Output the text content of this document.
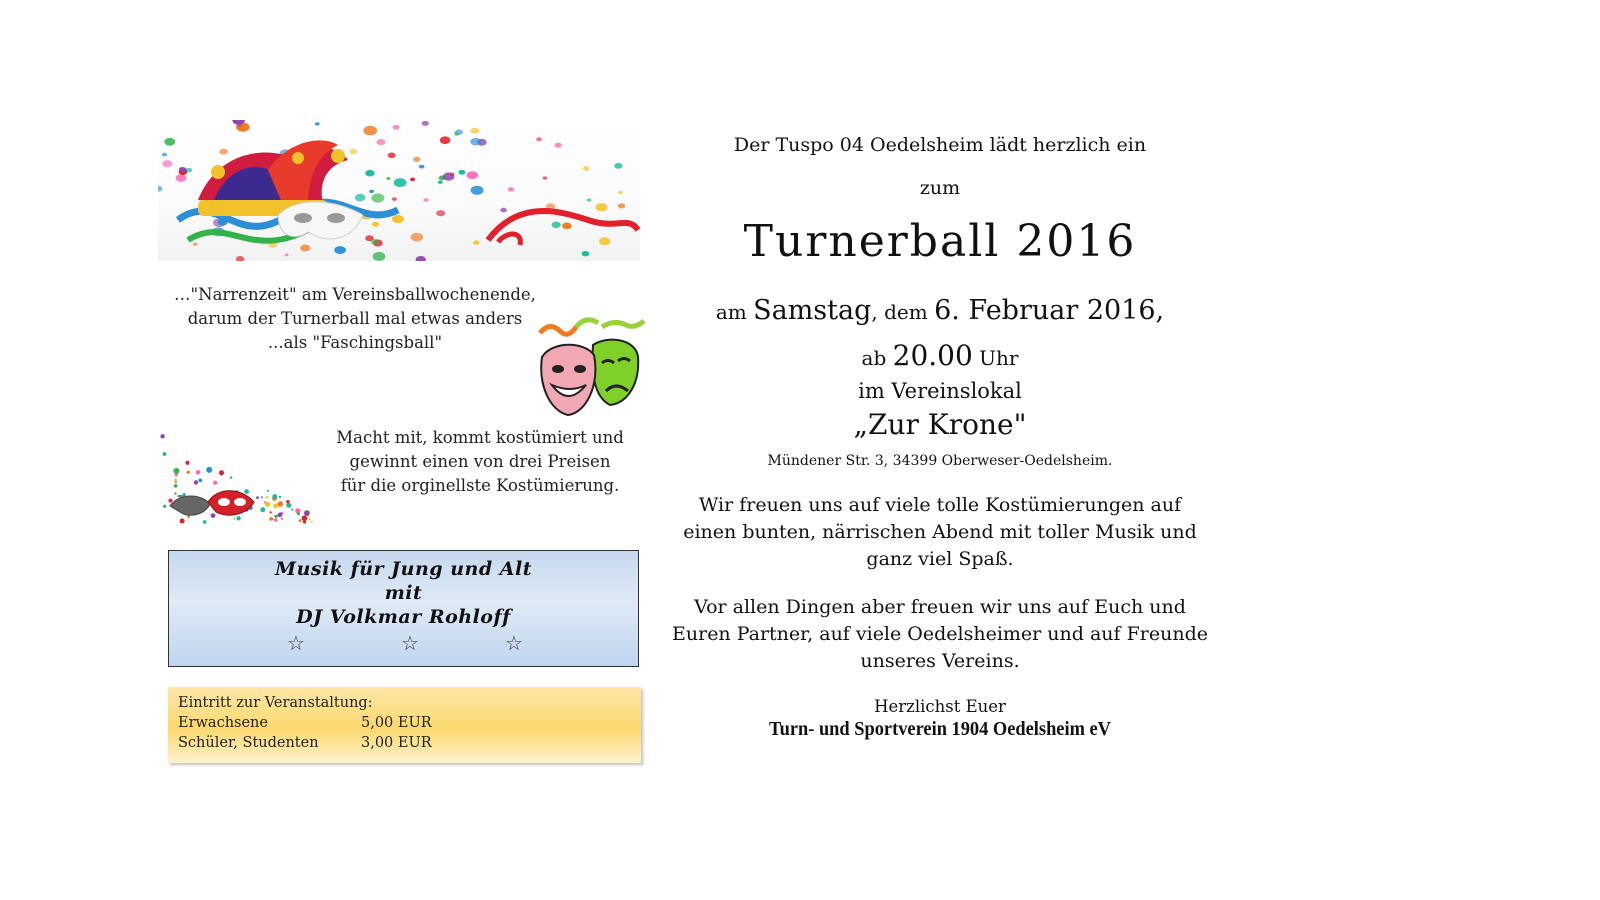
…"Narrenzeit" am Vereinsballwochenende,
darum der Turnerball mal etwas anders
...als "Faschingsball"
Macht mit, kommt kostümiert und
gewinnt einen von drei Preisen
für die orginellste Kostümierung.
Musik für Jung und Alt
mit
DJ Volkmar Rohloff
☆	☆	☆
Eintritt zur Veranstaltung:
Erwachsene	5,00 EUR
Schüler, Studenten	3,00 EUR
Der Tuspo 04 Oedelsheim lädt herzlich ein
zum
Turnerball 2016
am Samstag, dem 6. Februar 2016,
ab 20.00 Uhr
im Vereinslokal
„Zur Krone"
Mündener Str. 3, 34399 Oberweser-Oedelsheim.
Wir freuen uns auf viele tolle Kostümierungen auf einen bunten, närrischen Abend mit toller Musik und ganz viel Spaß.
Vor allen Dingen aber freuen wir uns auf Euch und Euren Partner, auf viele Oedelsheimer und auf Freunde unseres Vereins.
Herzlichst Euer
Turn- und Sportverein 1904 Oedelsheim eV
